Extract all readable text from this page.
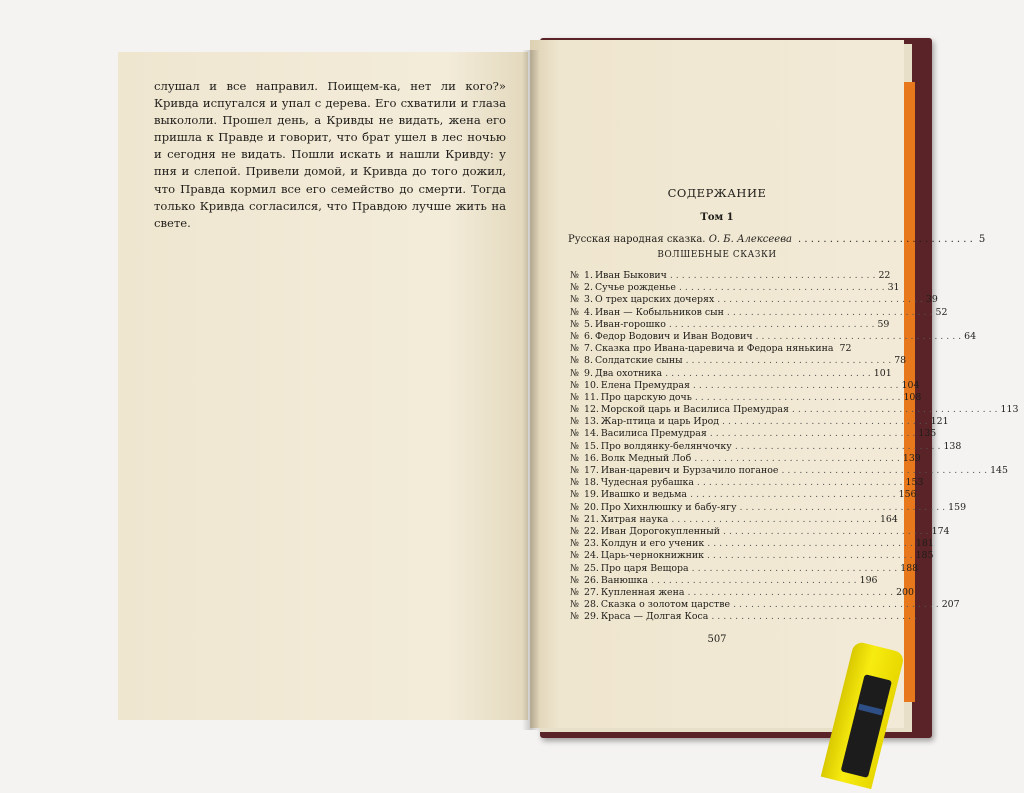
слушал и все направил. Поищем-ка, нет ли кого?» Кривда испугался и упал с дерева. Его схватили и глаза выкололи. Прошел день, а Кривды не видать, жена его пришла к Правде и говорит, что брат ушел в лес ночью и сегодня не видать. Пошли искать и нашли Кривду: у пня и слепой. Привели домой, и Кривда до того дожил, что Правда кормил все его семейство до смерти. Тогда только Кривда согласился, что Правдою лучше жить на свете.

СОДЕРЖАНИЕ
Том 1
Русская народная сказка. О. Б. Алексеева . . . . . . . . . . . . . . . . . . . . . . . . . . . . 5
ВОЛШЕБНЫЕ СКАЗКИ
№ 1. Иван Быкович . . . . . . . . . . . . . . . . . . . . . . . . . . . . . . . . . . . 22
№ 2. Сучье рожденье . . . . . . . . . . . . . . . . . . . . . . . . . . . . . . . . . . . 31
№ 3. О трех царских дочерях . . . . . . . . . . . . . . . . . . . . . . . . . . . . . . . . . . . 39
№ 4. Иван — Кобыльников сын . . . . . . . . . . . . . . . . . . . . . . . . . . . . . . . . . . . 52
№ 5. Иван-горошко . . . . . . . . . . . . . . . . . . . . . . . . . . . . . . . . . . . 59
№ 6. Федор Водович и Иван Водович . . . . . . . . . . . . . . . . . . . . . . . . . . . . . . . . . . . 64
№ 7. Сказка про Ивана-царевича и Федора нянькина 72
№ 8. Солдатские сыны . . . . . . . . . . . . . . . . . . . . . . . . . . . . . . . . . . . 78
№ 9. Два охотника . . . . . . . . . . . . . . . . . . . . . . . . . . . . . . . . . . . 101
№ 10. Елена Премудрая . . . . . . . . . . . . . . . . . . . . . . . . . . . . . . . . . . . 104
№ 11. Про царскую дочь . . . . . . . . . . . . . . . . . . . . . . . . . . . . . . . . . . . 108
№ 12. Морской царь и Василиса Премудрая . . . . . . . . . . . . . . . . . . . . . . . . . . . . . . . . . . . 113
№ 13. Жар-птица и царь Ирод . . . . . . . . . . . . . . . . . . . . . . . . . . . . . . . . . . . 121
№ 14. Василиса Премудрая . . . . . . . . . . . . . . . . . . . . . . . . . . . . . . . . . . . 135
№ 15. Про волдянку-белянчочку . . . . . . . . . . . . . . . . . . . . . . . . . . . . . . . . . . . 138
№ 16. Волк Медный Лоб . . . . . . . . . . . . . . . . . . . . . . . . . . . . . . . . . . . 139
№ 17. Иван-царевич и Бурзачило поганое . . . . . . . . . . . . . . . . . . . . . . . . . . . . . . . . . . . 145
№ 18. Чудесная рубашка . . . . . . . . . . . . . . . . . . . . . . . . . . . . . . . . . . . 153
№ 19. Ивашко и ведьма . . . . . . . . . . . . . . . . . . . . . . . . . . . . . . . . . . . 156
№ 20. Про Хихнлюшку и бабу-ягу . . . . . . . . . . . . . . . . . . . . . . . . . . . . . . . . . . . 159
№ 21. Хитрая наука . . . . . . . . . . . . . . . . . . . . . . . . . . . . . . . . . . . 164
№ 22. Иван Дорогокупленный . . . . . . . . . . . . . . . . . . . . . . . . . . . . . . . . . . . 174
№ 23. Колдун и его ученик . . . . . . . . . . . . . . . . . . . . . . . . . . . . . . . . . . . 181
№ 24. Царь-чернокнижник . . . . . . . . . . . . . . . . . . . . . . . . . . . . . . . . . . . 185
№ 25. Про царя Вещора . . . . . . . . . . . . . . . . . . . . . . . . . . . . . . . . . . . 188
№ 26. Ванюшка . . . . . . . . . . . . . . . . . . . . . . . . . . . . . . . . . . . 196
№ 27. Купленная жена . . . . . . . . . . . . . . . . . . . . . . . . . . . . . . . . . . . 200
№ 28. Сказка о золотом царстве . . . . . . . . . . . . . . . . . . . . . . . . . . . . . . . . . . . 207
№ 29. Краса — Долгая Коса . . . . . . . . . . . . . . . . . . . . . . . . . . . . . . . . . . .
507
